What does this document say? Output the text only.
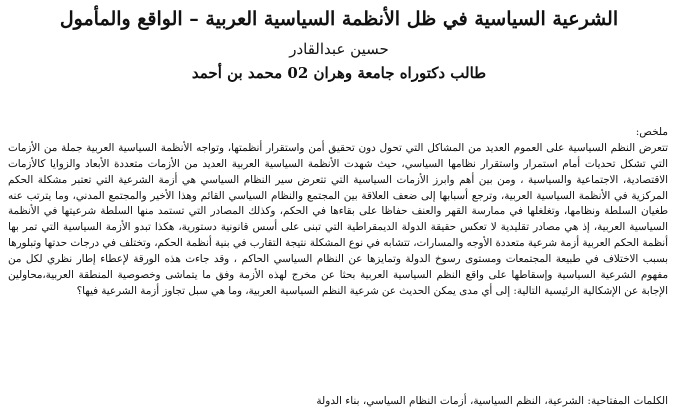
الشرعية السياسية في ظل الأنظمة السياسية العربية – الواقع والمأمول
حسين عبدالقادر
طالب دكتوراه جامعة وهران 02 محمد بن أحمد
ملخص:

تتعرض النظم السياسية على العموم العديد من المشاكل التي تحول دون تحقيق أمن واستقرار أنظمتها، وتواجه الأنظمة السياسية العربية جملة من الأزمات التي تشكل تحديات أمام استمرار واستقرار نظامها السياسي، حيث شهدت الأنظمة السياسية العربية العديد من الأزمات متعددة الأبعاد والزوايا كالأزمات الاقتصادية، الاجتماعية والسياسية ، ومن بين أهم وابرز الأزمات السياسية التي تتعرض سير النظام السياسي هي أزمة الشرعية التي تعتبر مشكلة الحكم المركزية في الأنظمة السياسية العربية، وترجع أسبابها إلى ضعف العلاقة بين المجتمع والنظام السياسي القائم وهذا الأخير والمجتمع المدني، وما يترتب عنه طغيان السلطة ونظامها، وتغلغلها في ممارسة القهر والعنف حفاظا على بقاءها في الحكم، وكذلك المصادر التي تستمد منها السلطة شرعيتها في الأنظمة السياسية العربية، إذ هي مصادر تقليدية لا تعكس حقيقة الدولة الديمقراطية التي تبنى على أسس قانونية دستورية، هكذا تبدو الأزمة السياسية التي تمر بها أنظمة الحكم العربية أزمة شرعية متعددة الأوجه والمسارات، تتشابه في نوع المشكلة نتيجة التقارب في بنية أنظمة الحكم، وتختلف في درجات حدتها وتبلورها بسبب الاختلاف في طبيعة المجتمعات ومستوى رسوخ الدولة وتمايزها عن النظام السياسي الحاكم ، وقد جاءت هذه الورقة لإعطاء إطار نظري لكل من مفهوم الشرعية السياسية وإسقاطها على واقع النظم السياسية العربية بحثا عن مخرج لهذه الأزمة وفق ما يتماشى وخصوصية المنطقة العربية،محاولين الإجابة عن الإشكالية الرئيسية التالية: إلى أي مدى يمكن الحديث عن شرعية النظم السياسية العربية، وما هي سبل تجاوز أزمة الشرعية فيها؟

الكلمات المفتاحية: الشرعية، النظم السياسية، أزمات النظام السياسي، بناء الدولة
